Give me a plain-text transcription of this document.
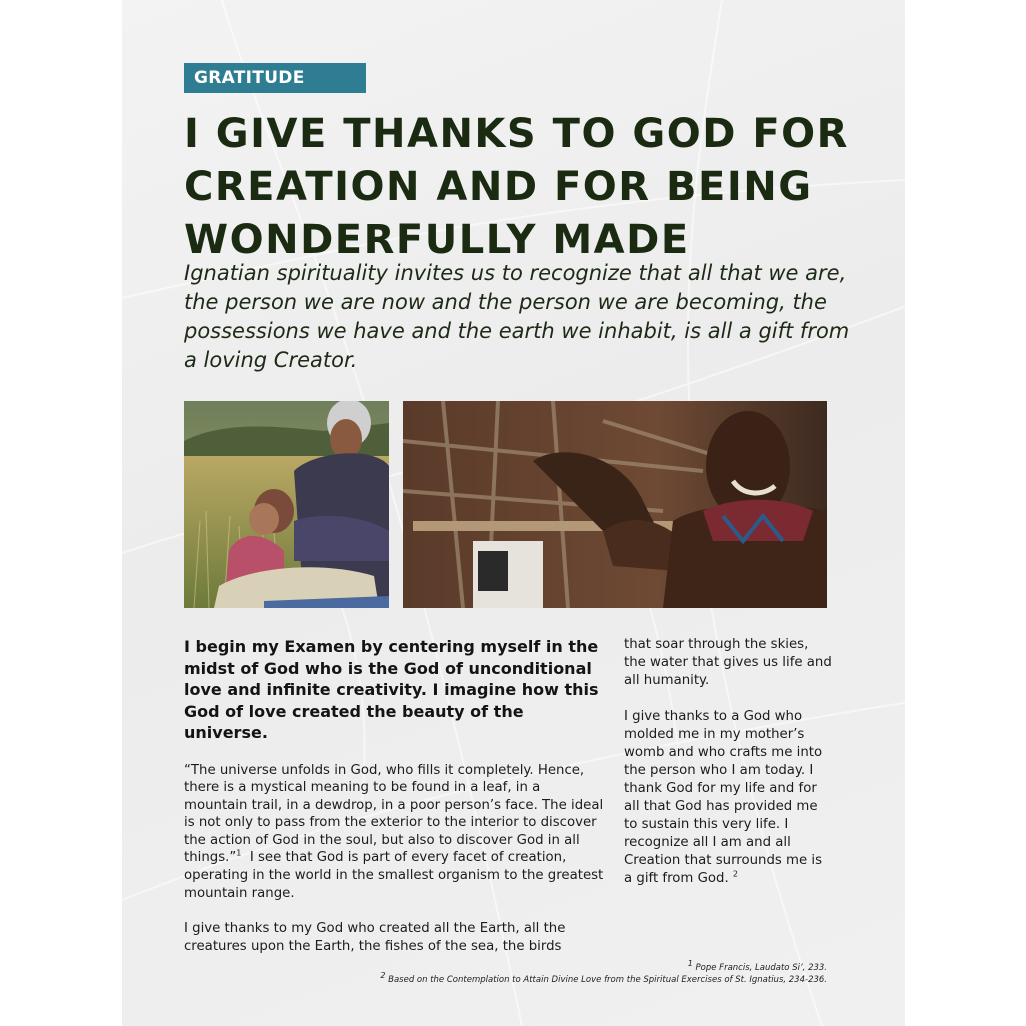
GRATITUDE
I GIVE THANKS TO GOD FOR CREATION AND FOR BEING WONDERFULLY MADE

Ignatian spirituality invites us to recognize that all that we are, the person we are now and the person we are becoming, the possessions we have and the earth we inhabit, is all a gift from a loving Creator.

I begin my Examen by centering myself in the midst of God who is the God of unconditional love and infinite creativity. I imagine how this God of love created the beauty of the universe.

“The universe unfolds in God, who fills it completely. Hence, there is a mystical meaning to be found in a leaf, in a mountain trail, in a dewdrop, in a poor person’s face. The ideal is not only to pass from the exterior to the interior to discover the action of God in the soul, but also to discover God in all things.”$^1$ I see that God is part of every facet of creation, operating in the world in the smallest organism to the greatest mountain range.

I give thanks to my God who created all the Earth, all the creatures upon the Earth, the fishes of the sea, the birds

that soar through the skies, the water that gives us life and all humanity.

I give thanks to a God who molded me in my mother’s womb and who crafts me into the person who I am today. I thank God for my life and for all that God has provided me to sustain this very life. I recognize all I am and all Creation that surrounds me is a gift from God. $^2$

$^1$ Pope Francis, Laudato Si’, 233.
$^2$ Based on the Contemplation to Attain Divine Love from the Spiritual Exercises of St. Ignatius, 234-236.
